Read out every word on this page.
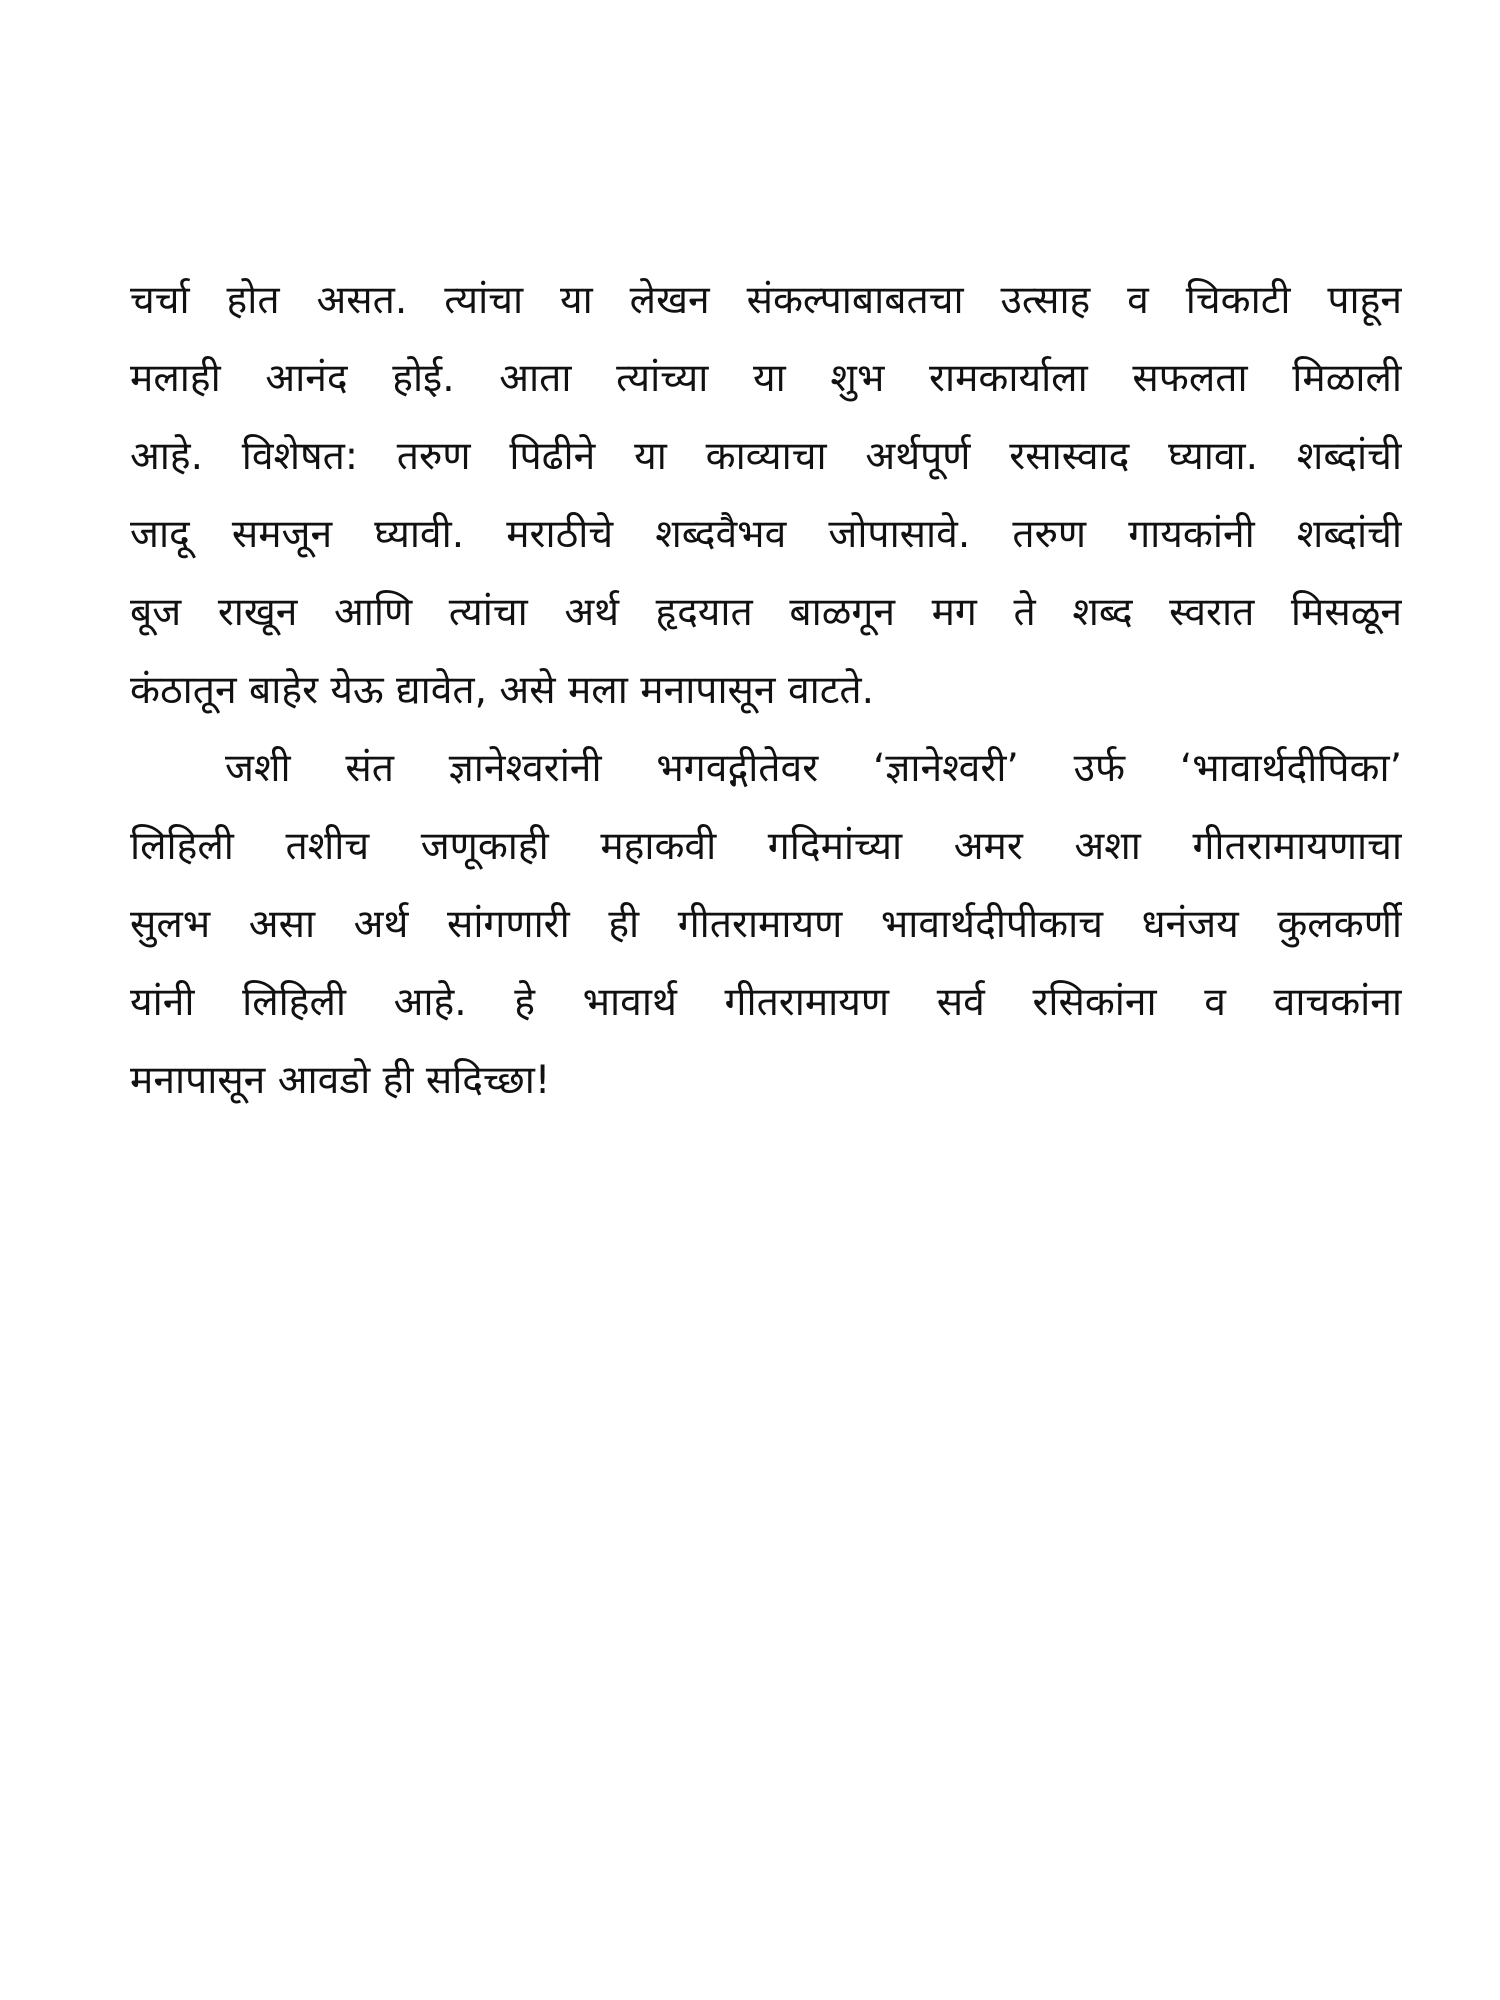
चर्चा होत असत. त्यांचा या लेखन संकल्पाबाबतचा उत्साह व चिकाटी पाहून
मलाही आनंद होई. आता त्यांच्या या शुभ रामकार्याला सफलता मिळाली
आहे. विशेषत: तरुण पिढीने या काव्याचा अर्थपूर्ण रसास्वाद घ्यावा. शब्दांची
जादू समजून घ्यावी. मराठीचे शब्दवैभव जोपासावे. तरुण गायकांनी शब्दांची
बूज राखून आणि त्यांचा अर्थ हृदयात बाळगून मग ते शब्द स्वरात मिसळून
कंठातून बाहेर येऊ द्यावेत, असे मला मनापासून वाटते.
जशी संत ज्ञानेश्वरांनी भगवद्गीतेवर ‘ज्ञानेश्वरी’ उर्फ ‘भावार्थदीपिका’
लिहिली तशीच जणूकाही महाकवी गदिमांच्या अमर अशा गीतरामायणाचा
सुलभ असा अर्थ सांगणारी ही गीतरामायण भावार्थदीपीकाच धनंजय कुलकर्णी
यांनी लिहिली आहे. हे भावार्थ गीतरामायण सर्व रसिकांना व वाचकांना
मनापासून आवडो ही सदिच्छा!
